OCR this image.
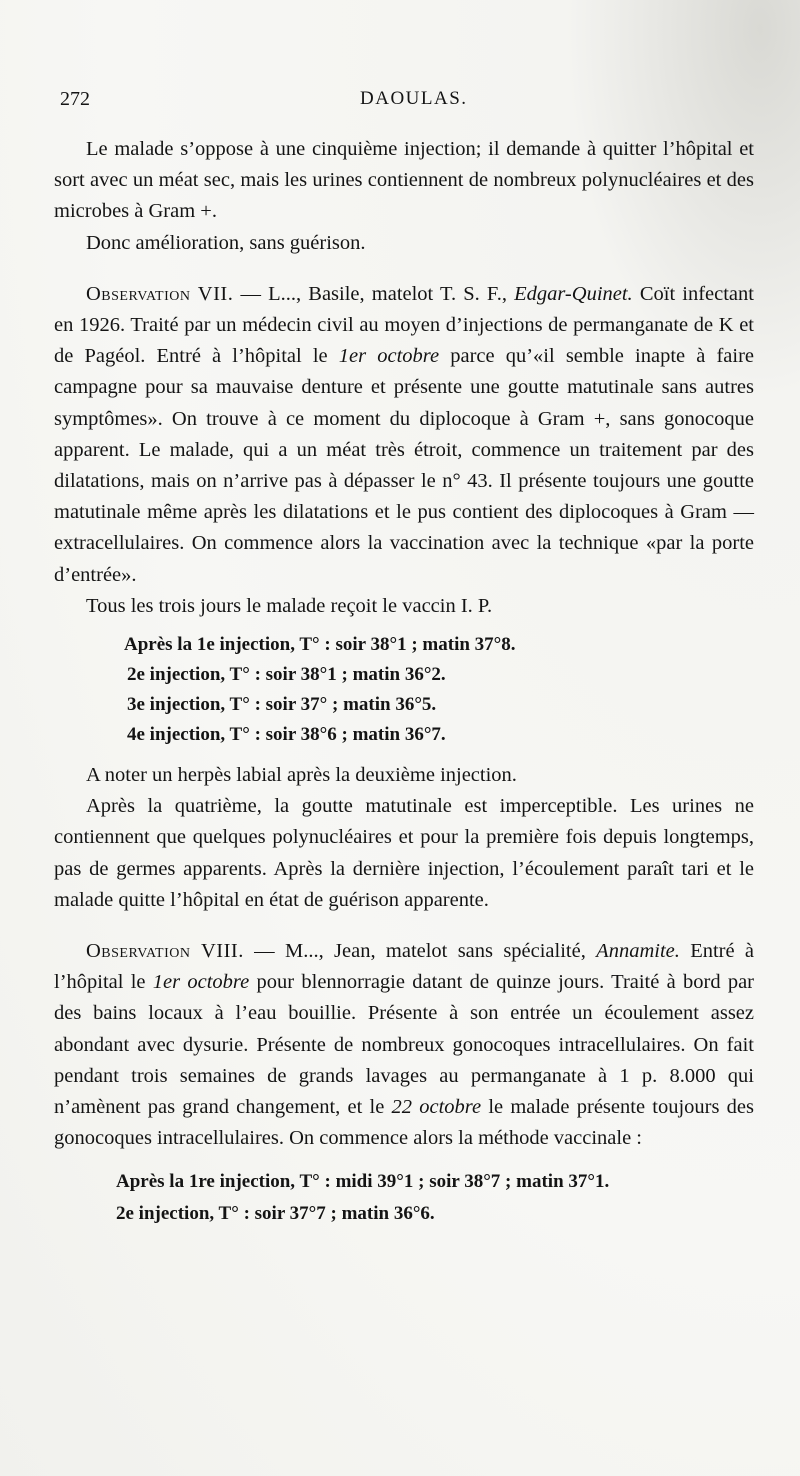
272	DAOULAS.

Le malade s’oppose à une cinquième injection; il demande à quitter l’hôpital et sort avec un méat sec, mais les urines contiennent de nombreux polynucléaires et des microbes à Gram +.

Donc amélioration, sans guérison.

Observation VII. — L..., Basile, matelot T. S. F., Edgar-Quinet. Coït infectant en 1926. Traité par un médecin civil au moyen d’injections de permanganate de K et de Pagéol. Entré à l’hôpital le 1er octobre parce qu’«il semble inapte à faire campagne pour sa mauvaise denture et présente une goutte matutinale sans autres symptômes». On trouve à ce moment du diplocoque à Gram +, sans gonocoque apparent. Le malade, qui a un méat très étroit, commence un traitement par des dilatations, mais on n’arrive pas à dépasser le n° 43. Il présente toujours une goutte matutinale même après les dilatations et le pus contient des diplocoques à Gram — extracellulaires. On commence alors la vaccination avec la technique «par la porte d’entrée».

Tous les trois jours le malade reçoit le vaccin I. P.

Après la 1e injection, T° : soir 38°1 ; matin 37°8.
2e injection, T° : soir 38°1 ; matin 36°2.
3e injection, T° : soir 37° ; matin 36°5.
4e injection, T° : soir 38°6 ; matin 36°7.

A noter un herpès labial après la deuxième injection.

Après la quatrième, la goutte matutinale est imperceptible. Les urines ne contiennent que quelques polynucléaires et pour la première fois depuis longtemps, pas de germes apparents. Après la dernière injection, l’écoulement paraît tari et le malade quitte l’hôpital en état de guérison apparente.

Observation VIII. — M..., Jean, matelot sans spécialité, Annamite. Entré à l’hôpital le 1er octobre pour blennorragie datant de quinze jours. Traité à bord par des bains locaux à l’eau bouillie. Présente à son entrée un écoulement assez abondant avec dysurie. Présente de nombreux gonocoques intracellulaires. On fait pendant trois semaines de grands lavages au permanganate à 1 p. 8.000 qui n’amènent pas grand changement, et le 22 octobre le malade présente toujours des gonocoques intracellulaires. On commence alors la méthode vaccinale :

Après la 1re injection, T° : midi 39°1 ; soir 38°7 ; matin 37°1.
2e injection, T° : soir 37°7 ; matin 36°6.
